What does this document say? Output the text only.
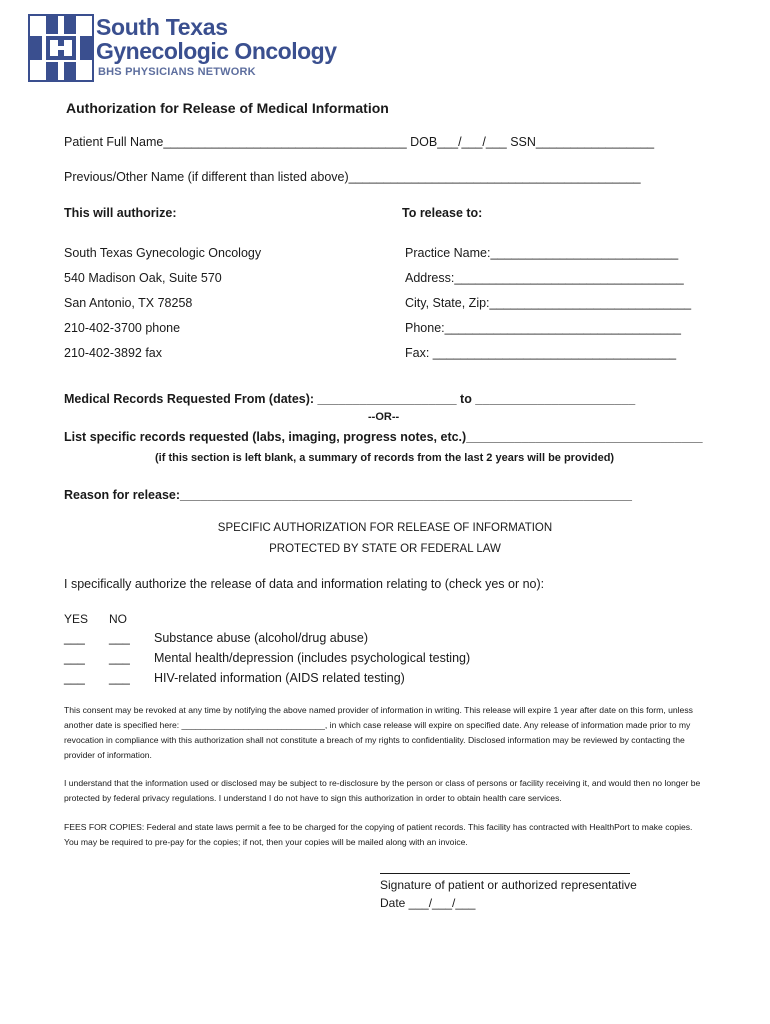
South Texas
Gynecologic Oncology
BHS PHYSICIANS NETWORK
Authorization for Release of Medical Information
Patient Full Name___________________________________ DOB___/___/___ SSN_________________
Previous/Other Name (if different than listed above)__________________________________________
This will authorize:	To release to:
South Texas Gynecologic Oncology
540 Madison Oak, Suite 570
San Antonio, TX 78258
210-402-3700 phone
210-402-3892 fax
Practice Name:___________________________
Address:_________________________________
City, State, Zip:_____________________________
Phone:__________________________________
Fax: ___________________________________
Medical Records Requested From (dates): ____________________ to _______________________
--OR--
List specific records requested (labs, imaging, progress notes, etc.)__________________________________
(if this section is left blank, a summary of records from the last 2 years will be provided)
Reason for release:_________________________________________________________________
SPECIFIC AUTHORIZATION FOR RELEASE OF INFORMATION
PROTECTED BY STATE OR FEDERAL LAW
I specifically authorize the release of data and information relating to (check yes or no):
YES NO
___ ___ Substance abuse (alcohol/drug abuse)
___ ___ Mental health/depression (includes psychological testing)
___ ___ HIV-related information (AIDS related testing)
This consent may be revoked at any time by notifying the above named provider of information in writing. This release will expire 1 year after date on this form, unless another date is specified here: ______________________________, in which case release will expire on specified date. Any release of information made prior to my revocation in compliance with this authorization shall not constitute a breach of my rights to confidentiality. Disclosed information may be reviewed by contacting the provider of information.
I understand that the information used or disclosed may be subject to re-disclosure by the person or class of persons or facility receiving it, and would then no longer be protected by federal privacy regulations. I understand I do not have to sign this authorization in order to obtain health care services.
FEES FOR COPIES: Federal and state laws permit a fee to be charged for the copying of patient records. This facility has contracted with HealthPort to make copies. You may be required to pre-pay for the copies; if not, then your copies will be mailed along with an invoice.
Signature of patient or authorized representative
Date ___/___/___
